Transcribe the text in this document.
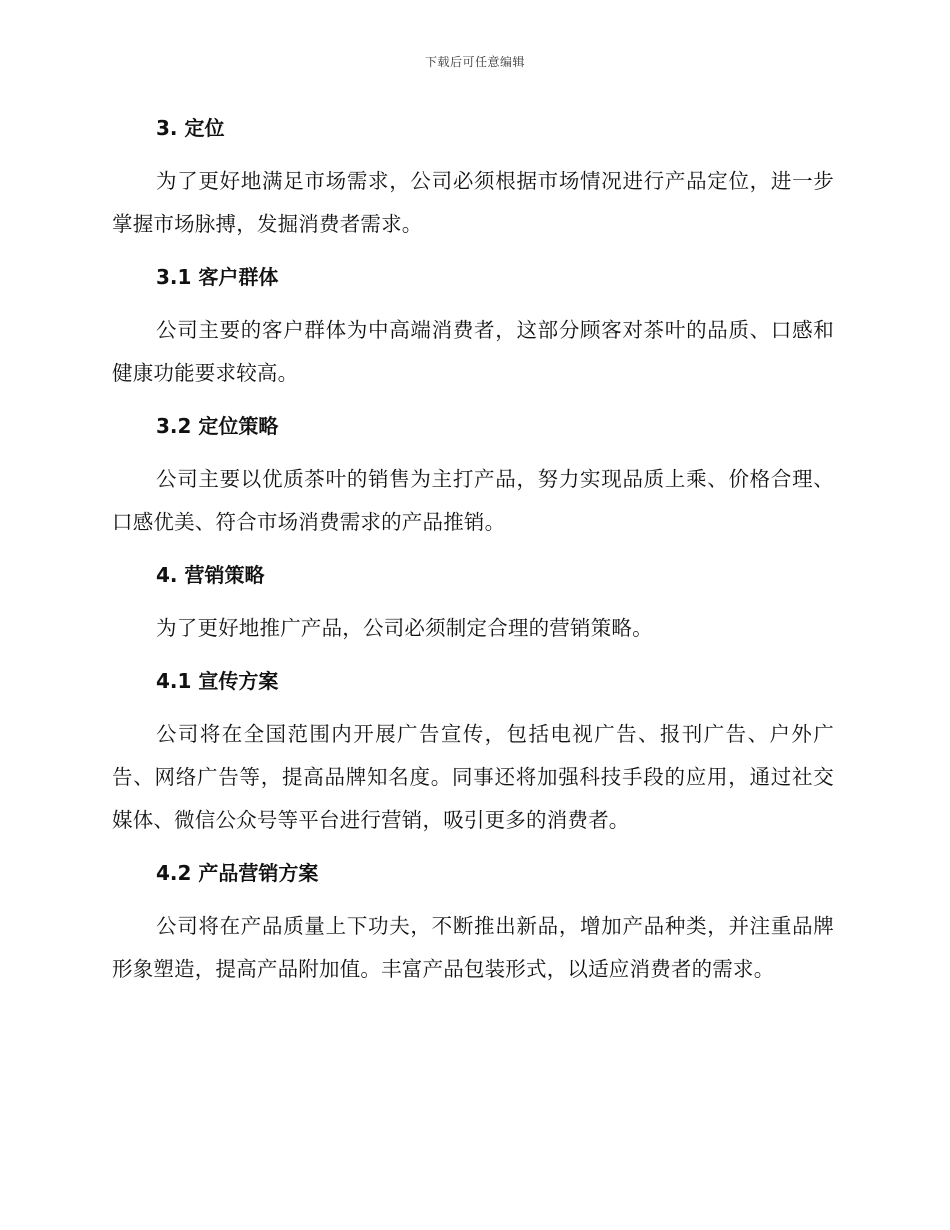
下载后可任意编辑
3. 定位

为了更好地满足市场需求，公司必须根据市场情况进行产品定位，进一步掌握市场脉搏，发掘消费者需求。

3.1 客户群体

公司主要的客户群体为中高端消费者，这部分顾客对茶叶的品质、口感和健康功能要求较高。

3.2 定位策略

公司主要以优质茶叶的销售为主打产品，努力实现品质上乘、价格合理、口感优美、符合市场消费需求的产品推销。

4. 营销策略

为了更好地推广产品，公司必须制定合理的营销策略。

4.1 宣传方案

公司将在全国范围内开展广告宣传，包括电视广告、报刊广告、户外广告、网络广告等，提高品牌知名度。同事还将加强科技手段的应用，通过社交媒体、微信公众号等平台进行营销，吸引更多的消费者。

4.2 产品营销方案

公司将在产品质量上下功夫，不断推出新品，增加产品种类，并注重品牌形象塑造，提高产品附加值。丰富产品包装形式，以适应消费者的需求。
